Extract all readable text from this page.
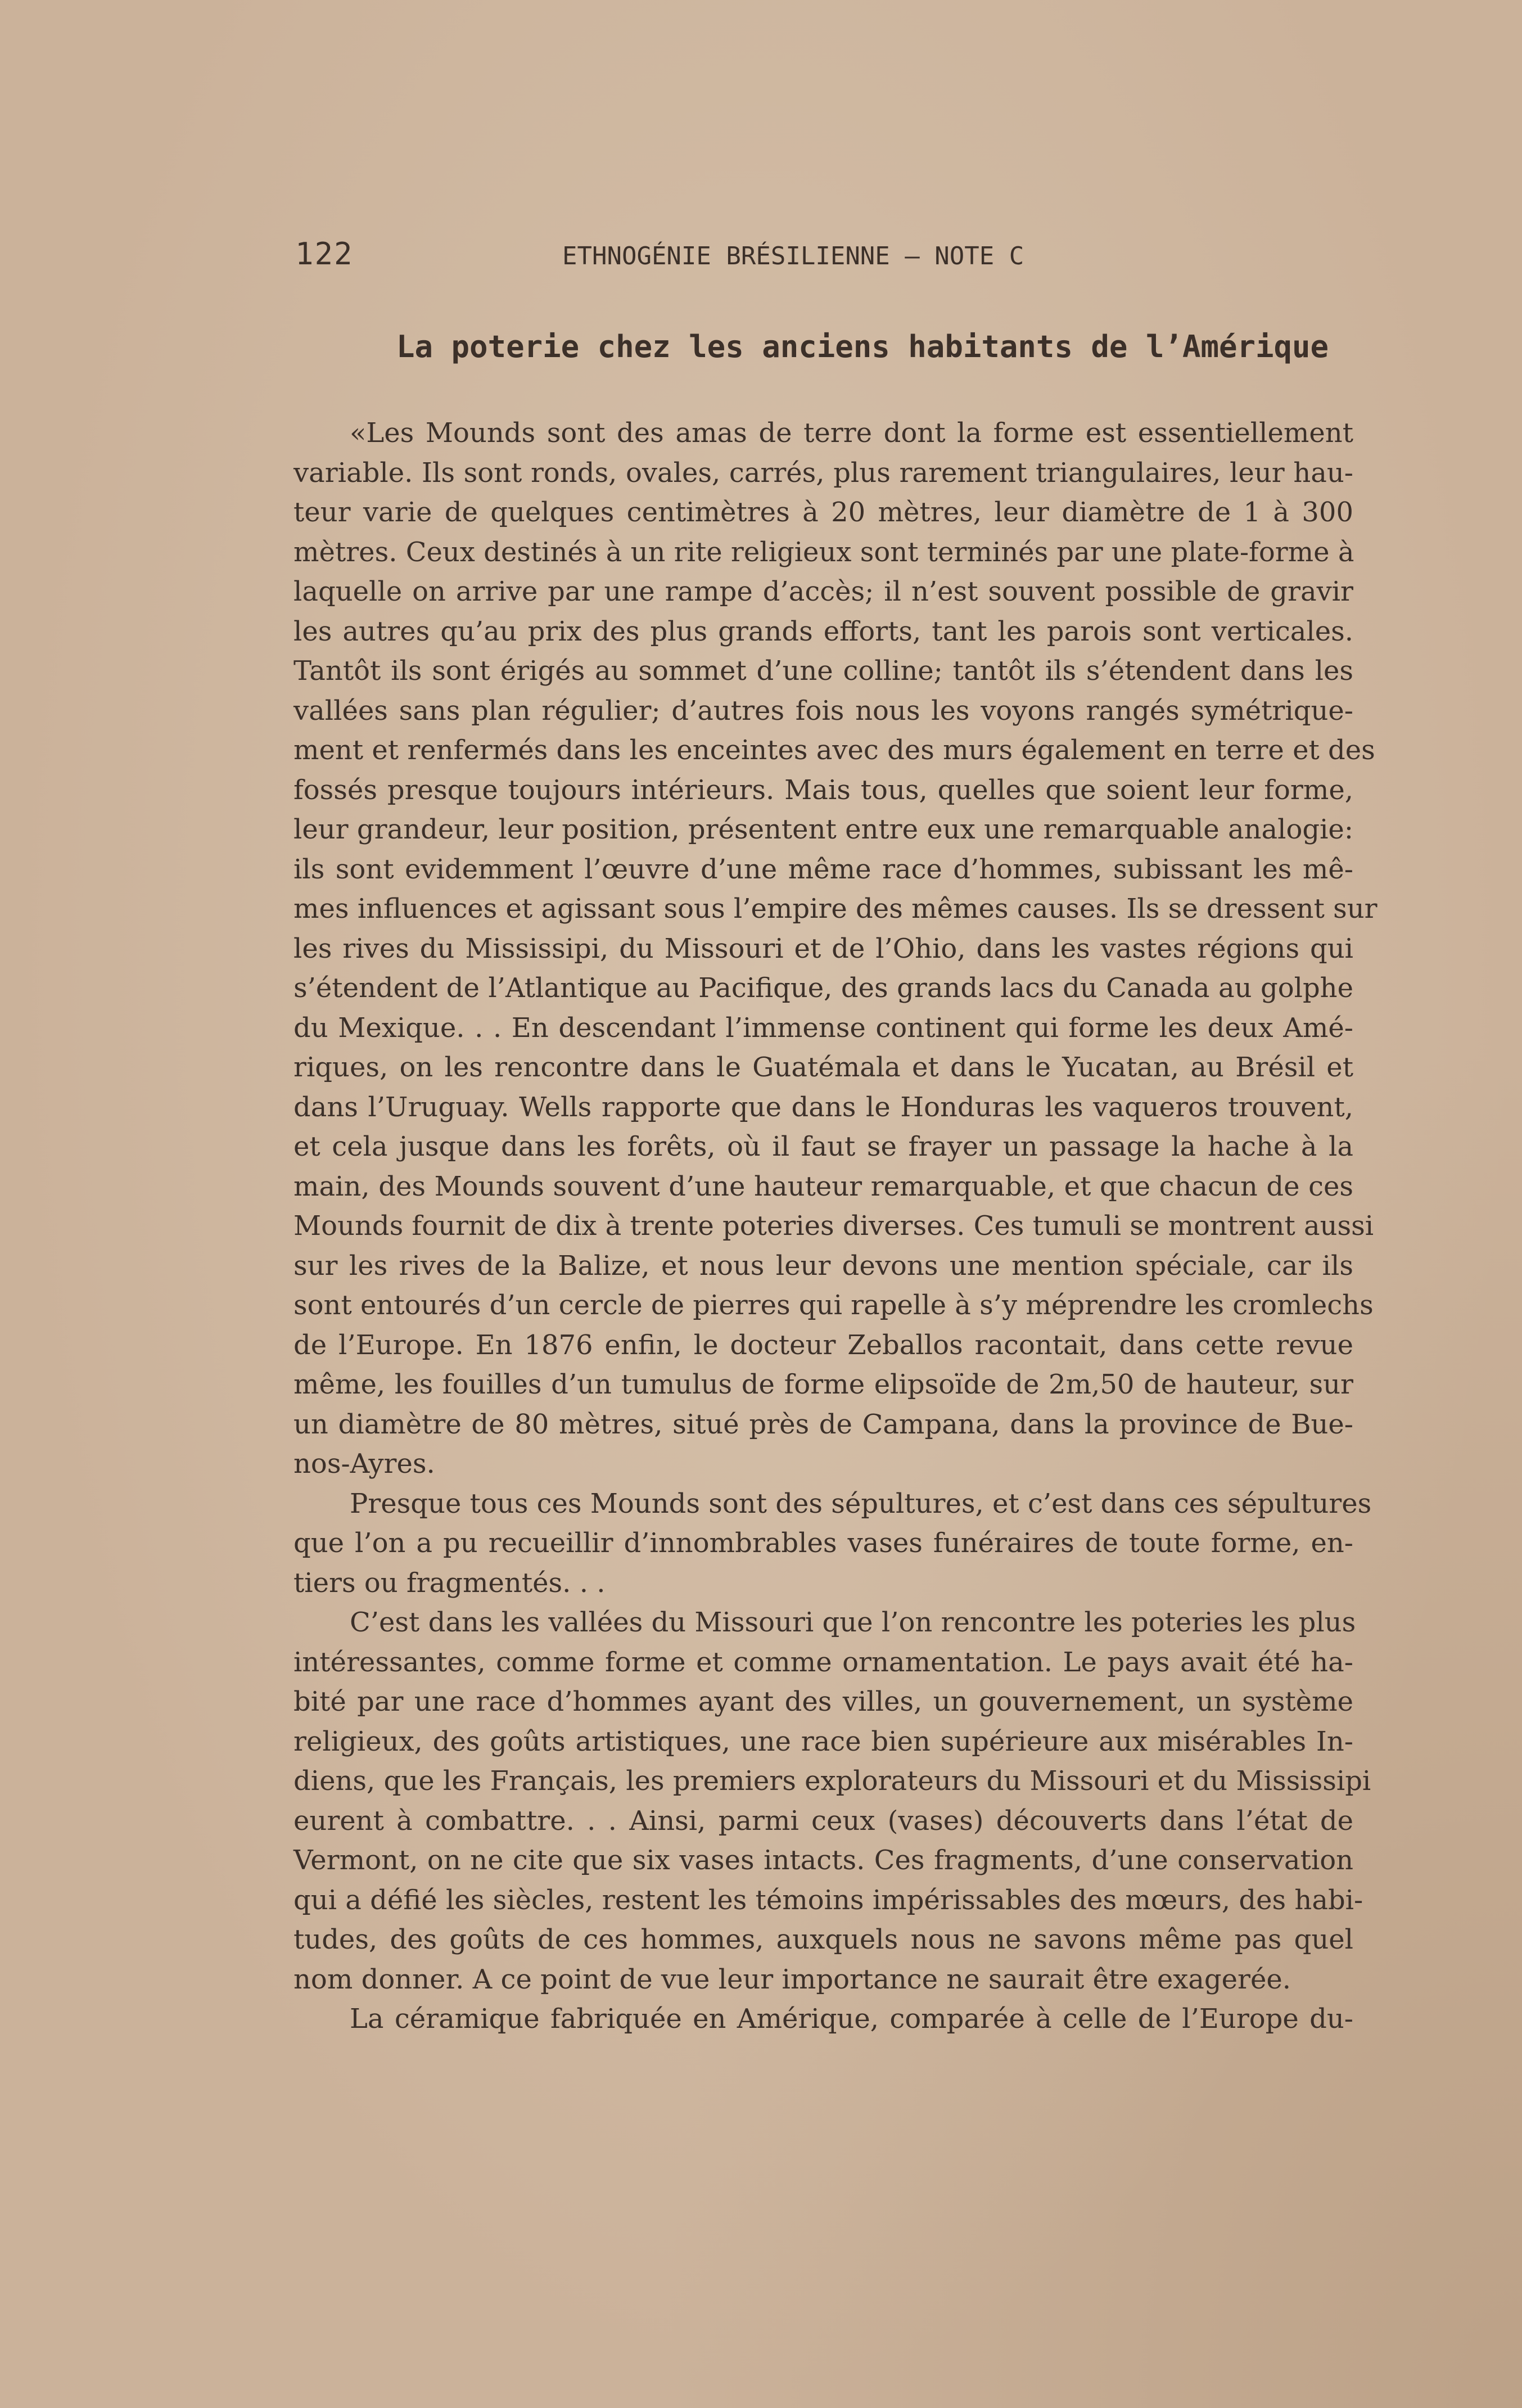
122	ETHNOGÉNIE BRÉSILIENNE — NOTE C
La poterie chez les anciens habitants de l’Amérique
«Les Mounds sont des amas de terre dont la forme est essentiellement
variable. Ils sont ronds, ovales, carrés, plus rarement triangulaires, leur hau-
teur varie de quelques centimètres à 20 mètres, leur diamètre de 1 à 300
mètres. Ceux destinés à un rite religieux sont terminés par une plate-forme à
laquelle on arrive par une rampe d’accès; il n’est souvent possible de gravir
les autres qu’au prix des plus grands efforts, tant les parois sont verticales.
Tantôt ils sont érigés au sommet d’une colline; tantôt ils s’étendent dans les
vallées sans plan régulier; d’autres fois nous les voyons rangés symétrique-
ment et renfermés dans les enceintes avec des murs également en terre et des
fossés presque toujours intérieurs. Mais tous, quelles que soient leur forme,
leur grandeur, leur position, présentent entre eux une remarquable analogie:
ils sont evidemment l’œuvre d’une même race d’hommes, subissant les mê-
mes influences et agissant sous l’empire des mêmes causes. Ils se dressent sur
les rives du Mississipi, du Missouri et de l’Ohio, dans les vastes régions qui
s’étendent de l’Atlantique au Pacifique, des grands lacs du Canada au golphe
du Mexique. . . En descendant l’immense continent qui forme les deux Amé-
riques, on les rencontre dans le Guatémala et dans le Yucatan, au Brésil et
dans l’Uruguay. Wells rapporte que dans le Honduras les vaqueros trouvent,
et cela jusque dans les forêts, où il faut se frayer un passage la hache à la
main, des Mounds souvent d’une hauteur remarquable, et que chacun de ces
Mounds fournit de dix à trente poteries diverses. Ces tumuli se montrent aussi
sur les rives de la Balize, et nous leur devons une mention spéciale, car ils
sont entourés d’un cercle de pierres qui rapelle à s’y méprendre les cromlechs
de l’Europe. En 1876 enfin, le docteur Zeballos racontait, dans cette revue
même, les fouilles d’un tumulus de forme elipsoïde de 2m,50 de hauteur, sur
un diamètre de 80 mètres, situé près de Campana, dans la province de Bue-
nos-Ayres.
Presque tous ces Mounds sont des sépultures, et c’est dans ces sépultures
que l’on a pu recueillir d’innombrables vases funéraires de toute forme, en-
tiers ou fragmentés. . .
C’est dans les vallées du Missouri que l’on rencontre les poteries les plus
intéressantes, comme forme et comme ornamentation. Le pays avait été ha-
bité par une race d’hommes ayant des villes, un gouvernement, un système
religieux, des goûts artistiques, une race bien supérieure aux misérables In-
diens, que les Français, les premiers explorateurs du Missouri et du Mississipi
eurent à combattre. . . Ainsi, parmi ceux (vases) découverts dans l’état de
Vermont, on ne cite que six vases intacts. Ces fragments, d’une conservation
qui a défié les siècles, restent les témoins impérissables des mœurs, des habi-
tudes, des goûts de ces hommes, auxquels nous ne savons même pas quel
nom donner. A ce point de vue leur importance ne saurait être exagerée.
La céramique fabriquée en Amérique, comparée à celle de l’Europe du-
